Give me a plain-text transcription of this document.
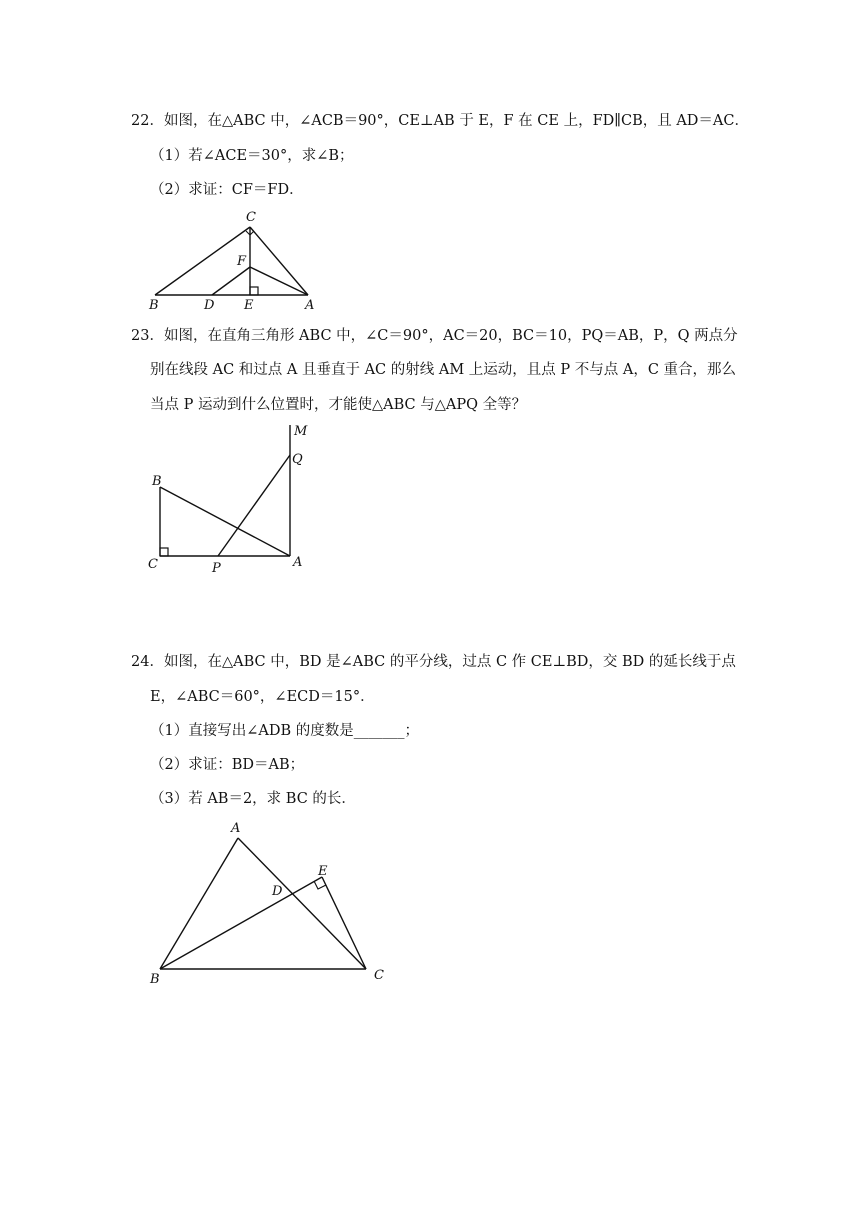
22．如图，在△ABC 中，∠ACB＝90°，CE⊥AB 于 E，F 在 CE 上，FD∥CB，且 AD＝AC．
（1）若∠ACE＝30°，求∠B；
（2）求证：CF＝FD．
C
F
B	D E	A
23．如图，在直角三角形 ABC 中，∠C＝90°，AC＝20，BC＝10，PQ＝AB，P，Q 两点分
别在线段 AC 和过点 A 且垂直于 AC 的射线 AM 上运动，且点 P 不与点 A，C 重合，那么
当点 P 运动到什么位置时，才能使△ABC 与△APQ 全等？
M
Q
B
C	P	A
24．如图，在△ABC 中，BD 是∠ABC 的平分线，过点 C 作 CE⊥BD，交 BD 的延长线于点
E，∠ABC＝60°，∠ECD＝15°．
（1）直接写出∠ADB 的度数是_______；
（2）求证：BD＝AB；
（3）若 AB＝2，求 BC 的长．
A
E
D
B	C
